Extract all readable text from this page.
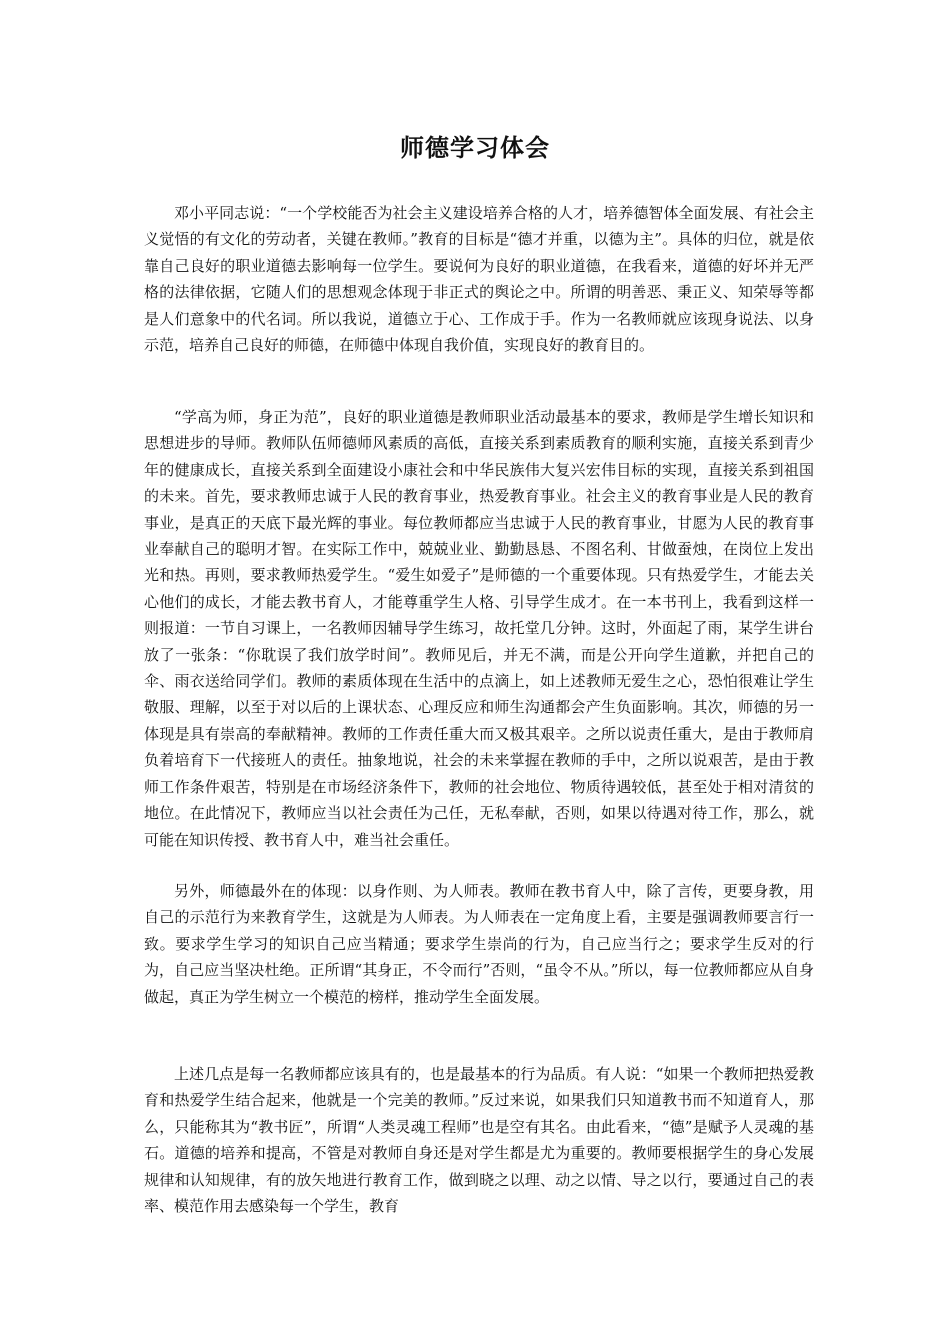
师德学习体会

邓小平同志说：“一个学校能否为社会主义建设培养合格的人才，培养德智体全面发展、有社会主义觉悟的有文化的劳动者，关键在教师。”教育的目标是“德才并重，以德为主”。具体的归位，就是依靠自己良好的职业道德去影响每一位学生。要说何为良好的职业道德，在我看来，道德的好坏并无严格的法律依据，它随人们的思想观念体现于非正式的舆论之中。所谓的明善恶、秉正义、知荣辱等都是人们意象中的代名词。所以我说，道德立于心、工作成于手。作为一名教师就应该现身说法、以身示范，培养自己良好的师德，在师德中体现自我价值，实现良好的教育目的。

“学高为师，身正为范”，良好的职业道德是教师职业活动最基本的要求，教师是学生增长知识和思想进步的导师。教师队伍师德师风素质的高低，直接关系到素质教育的顺利实施，直接关系到青少年的健康成长，直接关系到全面建设小康社会和中华民族伟大复兴宏伟目标的实现，直接关系到祖国的未来。首先，要求教师忠诚于人民的教育事业，热爱教育事业。社会主义的教育事业是人民的教育事业，是真正的天底下最光辉的事业。每位教师都应当忠诚于人民的教育事业，甘愿为人民的教育事业奉献自己的聪明才智。在实际工作中，兢兢业业、勤勤恳恳、不图名利、甘做蚕烛，在岗位上发出光和热。再则，要求教师热爱学生。“爱生如爱子”是师德的一个重要体现。只有热爱学生，才能去关心他们的成长，才能去教书育人，才能尊重学生人格、引导学生成才。在一本书刊上，我看到这样一则报道：一节自习课上，一名教师因辅导学生练习，故托堂几分钟。这时，外面起了雨，某学生讲台放了一张条：“你耽误了我们放学时间”。教师见后，并无不满，而是公开向学生道歉，并把自己的伞、雨衣送给同学们。教师的素质体现在生活中的点滴上，如上述教师无爱生之心，恐怕很难让学生敬服、理解，以至于对以后的上课状态、心理反应和师生沟通都会产生负面影响。其次，师德的另一体现是具有崇高的奉献精神。教师的工作责任重大而又极其艰辛。之所以说责任重大，是由于教师肩负着培育下一代接班人的责任。抽象地说，社会的未来掌握在教师的手中，之所以说艰苦，是由于教师工作条件艰苦，特别是在市场经济条件下，教师的社会地位、物质待遇较低，甚至处于相对清贫的地位。在此情况下，教师应当以社会责任为己任，无私奉献，否则，如果以待遇对待工作，那么，就可能在知识传授、教书育人中，难当社会重任。

另外，师德最外在的体现：以身作则、为人师表。教师在教书育人中，除了言传，更要身教，用自己的示范行为来教育学生，这就是为人师表。为人师表在一定角度上看，主要是强调教师要言行一致。要求学生学习的知识自己应当精通；要求学生崇尚的行为，自己应当行之；要求学生反对的行为，自己应当坚决杜绝。正所谓“其身正，不令而行”否则，“虽令不从。”所以，每一位教师都应从自身做起，真正为学生树立一个模范的榜样，推动学生全面发展。

上述几点是每一名教师都应该具有的，也是最基本的行为品质。有人说：“如果一个教师把热爱教育和热爱学生结合起来，他就是一个完美的教师。”反过来说，如果我们只知道教书而不知道育人，那么，只能称其为“教书匠”，所谓“人类灵魂工程师”也是空有其名。由此看来，“德”是赋予人灵魂的基石。道德的培养和提高，不管是对教师自身还是对学生都是尤为重要的。教师要根据学生的身心发展规律和认知规律，有的放矢地进行教育工作，做到晓之以理、动之以情、导之以行，要通过自己的表率、模范作用去感染每一个学生，教育
